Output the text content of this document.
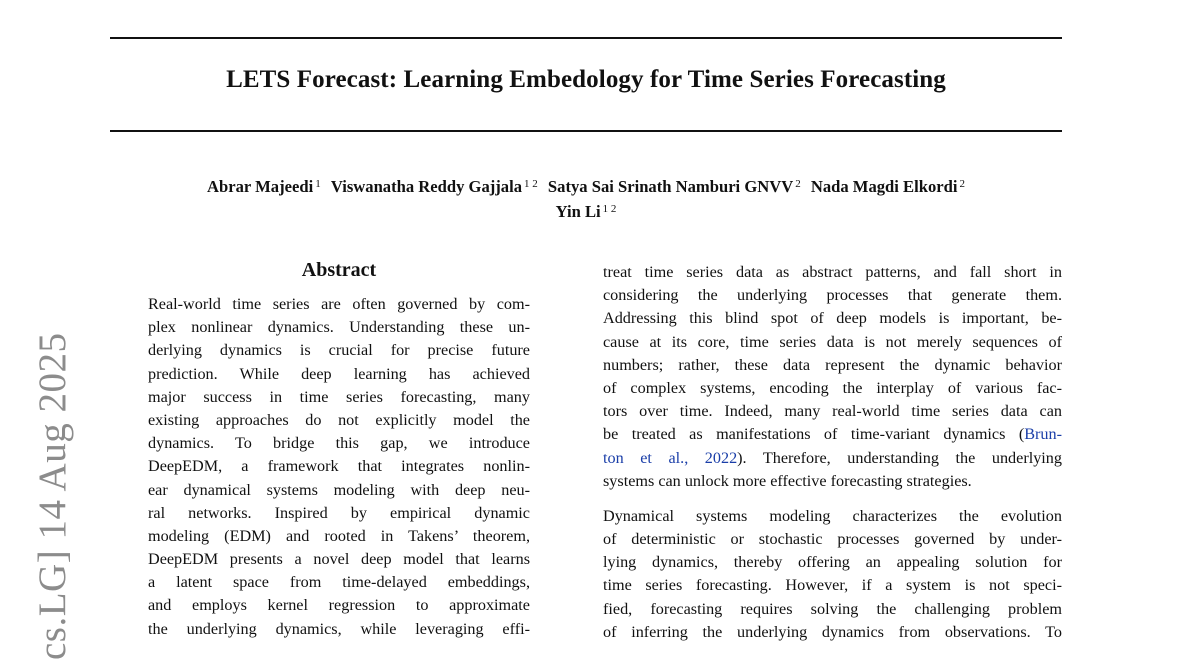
LETS Forecast: Learning Embedology for Time Series Forecasting
Abrar Majeedi $^1$ Viswanatha Reddy Gajjala $^{1 2}$ Satya Sai Srinath Namburi GNVV $^2$ Nada Magdi Elkordi $^2$
Yin Li $^{1 2}$
cs.LG] 14 Aug 2025
Abstract
Real-world time series are often governed by com-
plex nonlinear dynamics. Understanding these un-
derlying dynamics is crucial for precise future
prediction. While deep learning has achieved
major success in time series forecasting, many
existing approaches do not explicitly model the
dynamics. To bridge this gap, we introduce
DeepEDM, a framework that integrates nonlin-
ear dynamical systems modeling with deep neu-
ral networks. Inspired by empirical dynamic
modeling (EDM) and rooted in Takens’ theorem,
DeepEDM presents a novel deep model that learns
a latent space from time-delayed embeddings,
and employs kernel regression to approximate
the underlying dynamics, while leveraging effi-
treat time series data as abstract patterns, and fall short in
considering the underlying processes that generate them.
Addressing this blind spot of deep models is important, be-
cause at its core, time series data is not merely sequences of
numbers; rather, these data represent the dynamic behavior
of complex systems, encoding the interplay of various fac-
tors over time. Indeed, many real-world time series data can
be treated as manifestations of time-variant dynamics (Brun-
ton et al., 2022). Therefore, understanding the underlying
systems can unlock more effective forecasting strategies.
Dynamical systems modeling characterizes the evolution
of deterministic or stochastic processes governed by under-
lying dynamics, thereby offering an appealing solution for
time series forecasting. However, if a system is not speci-
fied, forecasting requires solving the challenging problem
of inferring the underlying dynamics from observations. To
